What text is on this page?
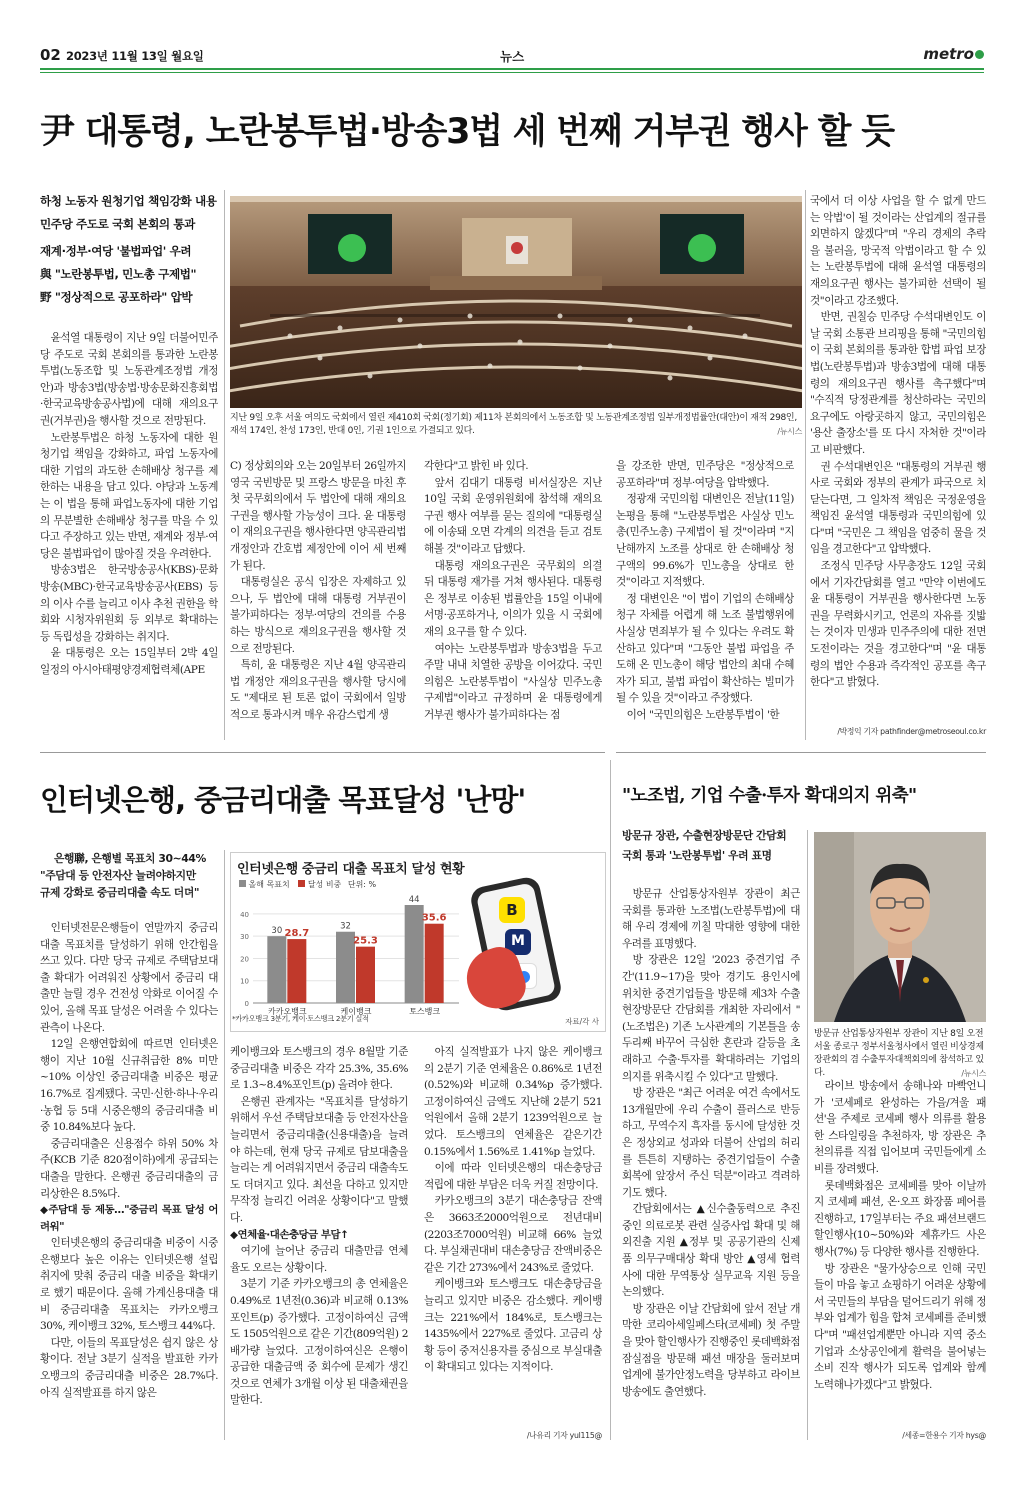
02 2023년 11월 13일 월요일	뉴스	metro
尹 대통령, 노란봉투법·방송3법 세 번째 거부권 행사 할 듯
하청 노동자 원청기업 책임강화 내용
민주당 주도로 국회 본회의 통과
재계·정부·여당 '불법파업' 우려
與 "노란봉투법, 민노총 구제법"
野 "정상적으로 공포하라" 압박
지난 9일 오후 서울 여의도 국회에서 열린 제410회 국회(정기회) 제11차 본회의에서 노동조합 및 노동관계조정법 일부개정법률안(대안)이 재적 298인, 재석 174인, 찬성 173인, 반대 0인, 기권 1인으로 가결되고 있다.	/뉴시스

윤석열 대통령이 지난 9일 더불어민주당 주도로 국회 본회의를 통과한 노란봉투법(노동조합 및 노동관계조정법 개정안)과 방송3법(방송법·방송문화진흥회법·한국교육방송공사법)에 대해 재의요구권(거부권)을 행사할 것으로 전망된다.

노란봉투법은 하청 노동자에 대한 원청기업 책임을 강화하고, 파업 노동자에 대한 기업의 과도한 손해배상 청구를 제한하는 내용을 담고 있다. 야당과 노동계는 이 법을 통해 파업노동자에 대한 기업의 무분별한 손해배상 청구를 막을 수 있다고 주장하고 있는 반면, 재계와 정부·여당은 불법파업이 많아질 것을 우려한다.

방송3법은 한국방송공사(KBS)·문화방송(MBC)·한국교육방송공사(EBS) 등의 이사 수를 늘리고 이사 추천 권한을 학회와 시청자위원회 등 외부로 확대하는 등 독립성을 강화하는 취지다.

윤 대통령은 오는 15일부터 2박 4일 일정의 아시아태평양경제협력체(APE

C) 정상회의와 오는 20일부터 26일까지 영국 국빈방문 및 프랑스 방문을 마친 후 첫 국무회의에서 두 법안에 대해 재의요구권을 행사할 가능성이 크다. 윤 대통령이 재의요구권을 행사한다면 양곡관리법 개정안과 간호법 제정안에 이어 세 번째가 된다.

대통령실은 공식 입장은 자제하고 있으나, 두 법안에 대해 대통령 거부권이 불가피하다는 정부·여당의 건의를 수용하는 방식으로 재의요구권을 행사할 것으로 전망된다.

특히, 윤 대통령은 지난 4월 양곡관리법 개정안 재의요구권을 행사할 당시에도 "제대로 된 토론 없이 국회에서 일방적으로 통과시켜 매우 유감스럽게 생

각한다"고 밝힌 바 있다.

앞서 김대기 대통령 비서실장은 지난 10일 국회 운영위원회에 참석해 재의요구권 행사 여부를 묻는 질의에 "대통령실에 이송돼 오면 각계의 의견을 듣고 검토해볼 것"이라고 답했다.

대통령 재의요구권은 국무회의 의결 뒤 대통령 재가를 거쳐 행사된다. 대통령은 정부로 이송된 법률안을 15일 이내에 서명·공포하거나, 이의가 있을 시 국회에 재의 요구를 할 수 있다.

여야는 노란봉투법과 방송3법을 두고 주말 내내 치열한 공방을 이어갔다. 국민의힘은 노란봉투법이 "사실상 민주노총 구제법"이라고 규정하며 윤 대통령에게 거부권 행사가 불가피하다는 점

을 강조한 반면, 민주당은 "정상적으로 공포하라"며 정부·여당을 압박했다.

정광재 국민의힘 대변인은 전날(11일) 논평을 통해 "노란봉투법은 사실상 민노총(민주노총) 구제법이 될 것"이라며 "지난해까지 노조를 상대로 한 손해배상 청구액의 99.6%가 민노총을 상대로 한 것"이라고 지적했다.

정 대변인은 "이 법이 기업의 손해배상 청구 자체를 어렵게 해 노조 불법행위에 사실상 면죄부가 될 수 있다는 우려도 확산하고 있다"며 "그동안 불법 파업을 주도해 온 민노총이 해당 법안의 최대 수혜자가 되고, 불법 파업이 확산하는 빌미가 될 수 있을 것"이라고 주장했다.

이어 "국민의힘은 노란봉투법이 '한

국에서 더 이상 사업을 할 수 없게 만드는 악법'이 될 것이라는 산업계의 절규를 외면하지 않겠다"며 "우리 경제의 추락을 불러올, 망국적 악법이라고 할 수 있는 노란봉투법에 대해 윤석열 대통령의 재의요구권 행사는 불가피한 선택이 될 것"이라고 강조했다.

반면, 권칠승 민주당 수석대변인도 이날 국회 소통관 브리핑을 통해 "국민의힘이 국회 본회의를 통과한 합법 파업 보장법(노란봉투법)과 방송3법에 대해 대통령의 재의요구권 행사를 촉구했다"며 "수직적 당정관계를 청산하라는 국민의 요구에도 아랑곳하지 않고, 국민의힘은 '용산 출장소'를 또 다시 자처한 것"이라고 비판했다.

권 수석대변인은 "대통령의 거부권 행사로 국회와 정부의 관계가 파국으로 치닫는다면, 그 일차적 책임은 국정운영을 책임진 윤석열 대통령과 국민의힘에 있다"며 "국민은 그 책임을 엄중히 물을 것임을 경고한다"고 압박했다.

조정식 민주당 사무총장도 12일 국회에서 기자간담회를 열고 "만약 이번에도 윤 대통령이 거부권을 행사한다면 노동권을 무력화시키고, 언론의 자유를 짓밟는 것이자 민생과 민주주의에 대한 전면 도전이라는 것을 경고한다"며 "윤 대통령의 법안 수용과 즉각적인 공포를 촉구한다"고 밝혔다.

/박정익 기자 pathfinder@metroseoul.co.kr
인터넷은행, 중금리대출 목표달성 '난망'
은행聯, 은행별 목표치 30~44%
"주담대 등 안전자산 늘려야하지만
규제 강화로 중금리대출 속도 더뎌"
인터넷은행 중금리 대출 목표치 달성 현황
올해 목표치 달성 비중 단위: %
0
10
20
30
40
30 28.7
카카오뱅크
32
25.3
케이뱅크
44
35.6
토스뱅크
B
M
자료/각 사
*카카오뱅크 3분기, 케이·토스뱅크 2분기 실적

인터넷전문은행들이 연말까지 중금리대출 목표치를 달성하기 위해 안간힘을 쓰고 있다. 다만 당국 규제로 주택담보대출 확대가 어려워진 상황에서 중금리 대출만 늘릴 경우 건전성 악화로 이어질 수 있어, 올해 목표 달성은 어려울 수 있다는 관측이 나온다.

12일 은행연합회에 따르면 인터넷은행이 지난 10월 신규취급한 8% 미만~10% 이상인 중금리대출 비중은 평균 16.7%로 집계됐다. 국민·신한·하나·우리·농협 등 5대 시중은행의 중금리대출 비중 10.84%보다 높다.

중금리대출은 신용점수 하위 50% 차주(KCB 기준 820점이하)에게 공급되는 대출을 말한다. 은행권 중금리대출의 금리상한은 8.5%다.

◆주담대 등 제동…"중금리 목표 달성 어려워"

인터넷은행의 중금리대출 비중이 시중은행보다 높은 이유는 인터넷은행 설립 취지에 맞춰 중금리 대출 비중을 확대키로 했기 때문이다. 올해 가계신용대출 대비 중금리대출 목표치는 카카오뱅크 30%, 케이뱅크 32%, 토스뱅크 44%다.

다만, 이들의 목표달성은 쉽지 않은 상황이다. 전날 3분기 실적을 발표한 카카오뱅크의 중금리대출 비중은 28.7%다. 아직 실적발표를 하지 않은

케이뱅크와 토스뱅크의 경우 8월말 기준 중금리대출 비중은 각각 25.3%, 35.6%로 1.3~8.4%포인트(p) 올려야 한다.

은행권 관계자는 "목표치를 달성하기 위해서 우선 주택담보대출 등 안전자산을 늘리면서 중금리대출(신용대출)을 늘려야 하는데, 현재 당국 규제로 담보대출을 늘리는 게 어려워지면서 중금리 대출속도도 더뎌지고 있다. 최선을 다하고 있지만 무작정 늘리긴 어려운 상황이다"고 말했다.

◆연체율·대손충당금 부담↑

여기에 늘어난 중금리 대출만큼 연체율도 오르는 상황이다.

3분기 기준 카카오뱅크의 총 연체율은 0.49%로 1년전(0.36)과 비교해 0.13%포인트(p) 증가했다. 고정이하여신 금액도 1505억원으로 같은 기간(809억원) 2배가량 늘었다. 고정이하여신은 은행이 공급한 대출금액 중 회수에 문제가 생긴 것으로 연체가 3개월 이상 된 대출채권을 말한다.

아직 실적발표가 나지 않은 케이뱅크의 2분기 기준 연체율은 0.86%로 1년전(0.52%)와 비교해 0.34%p 증가했다. 고정이하여신 금액도 지난해 2분기 521억원에서 올해 2분기 1239억원으로 늘었다. 토스뱅크의 연체율은 같은기간 0.15%에서 1.56%로 1.41%p 늘었다.

이에 따라 인터넷은행의 대손충당금 적립에 대한 부담은 더욱 커질 전망이다.

카카오뱅크의 3분기 대손충당금 잔액은 3663조2000억원으로 전년대비(2203조7000억원) 비교해 66% 늘었다. 부실채권대비 대손충당금 잔액비중은 같은 기간 273%에서 243%로 줄었다.

케이뱅크와 토스뱅크도 대손충당금을 늘리고 있지만 비중은 감소했다. 케이뱅크는 221%에서 184%로, 토스뱅크는 1435%에서 227%로 줄었다. 고금리 상황 등이 중저신용자를 중심으로 부실대출이 확대되고 있다는 지적이다.

/나유리 기자 yul115@
"노조법, 기업 수출·투자 확대의지 위축"
방문규 장관, 수출현장방문단 간담회
국회 통과 '노란봉투법' 우려 표명
방문규 산업통상자원부 장관이 지난 8일 오전 서울 종로구 정부서울청사에서 열린 비상경제장관회의 겸 수출투자대책회의에 참석하고 있다.	/뉴시스

방문규 산업통상자원부 장관이 최근 국회를 통과한 노조법(노란봉투법)에 대해 우리 경제에 끼칠 막대한 영향에 대한 우려를 표명했다.

방 장관은 12일 '2023 중견기업 주간'(11.9~17)을 맞아 경기도 용인시에 위치한 중견기업들을 방문해 제3차 수출현장방문단 간담회를 개최한 자리에서 "(노조법은) 기존 노사관계의 기본틀을 송두리째 바꾸어 극심한 혼란과 갈등을 초래하고 수출·투자를 확대하려는 기업의 의지를 위축시킬 수 있다"고 말했다.

방 장관은 "최근 어려운 여건 속에서도 13개월만에 우리 수출이 플러스로 반등하고, 무역수지 흑자를 동시에 달성한 것은 정상외교 성과와 더불어 산업의 허리를 튼튼히 지탱하는 중견기업들이 수출 회복에 앞장서 주신 덕분"이라고 격려하기도 했다.

간담회에서는 ▲신수출동력으로 추진 중인 의료로봇 관련 실증사업 확대 및 해외진출 지원 ▲정부 및 공공기관의 신제품 의무구매대상 확대 방안 ▲영세 협력사에 대한 무역통상 실무교육 지원 등을 논의했다.

방 장관은 이날 간담회에 앞서 전날 개막한 코리아세일페스타(코세페) 첫 주말을 맞아 할인행사가 진행중인 롯데백화점 잠실점을 방문해 패션 매장을 둘러보며 업계에 불가안정노력을 당부하고 라이브 방송에도 출연했다.

라이브 방송에서 송해나와 마빡언니가 '코세페로 완성하는 가을/겨울 패션'을 주제로 코세페 행사 의류를 활용한 스타일링을 추천하자, 방 장관은 추천의류를 직접 입어보며 국민들에게 소비를 장려했다.

롯데백화점은 코세페를 맞아 이날까지 코세페 패션, 온·오프 화장품 페어를 진행하고, 17일부터는 주요 패션브랜드 할인행사(10~50%)와 제휴카드 사은행사(7%) 등 다양한 행사를 진행한다.

방 장관은 "물가상승으로 인해 국민들이 마음 놓고 쇼핑하기 어려운 상황에서 국민들의 부담을 덜어드리기 위해 정부와 업계가 힘을 합쳐 코세페를 준비했다"며 "패션업계뿐만 아니라 지역 중소기업과 소상공인에게 활력을 불어넣는 소비 진작 행사가 되도록 업계와 함께 노력해나가겠다"고 밝혔다.

/세종=한용수 기자 hys@
